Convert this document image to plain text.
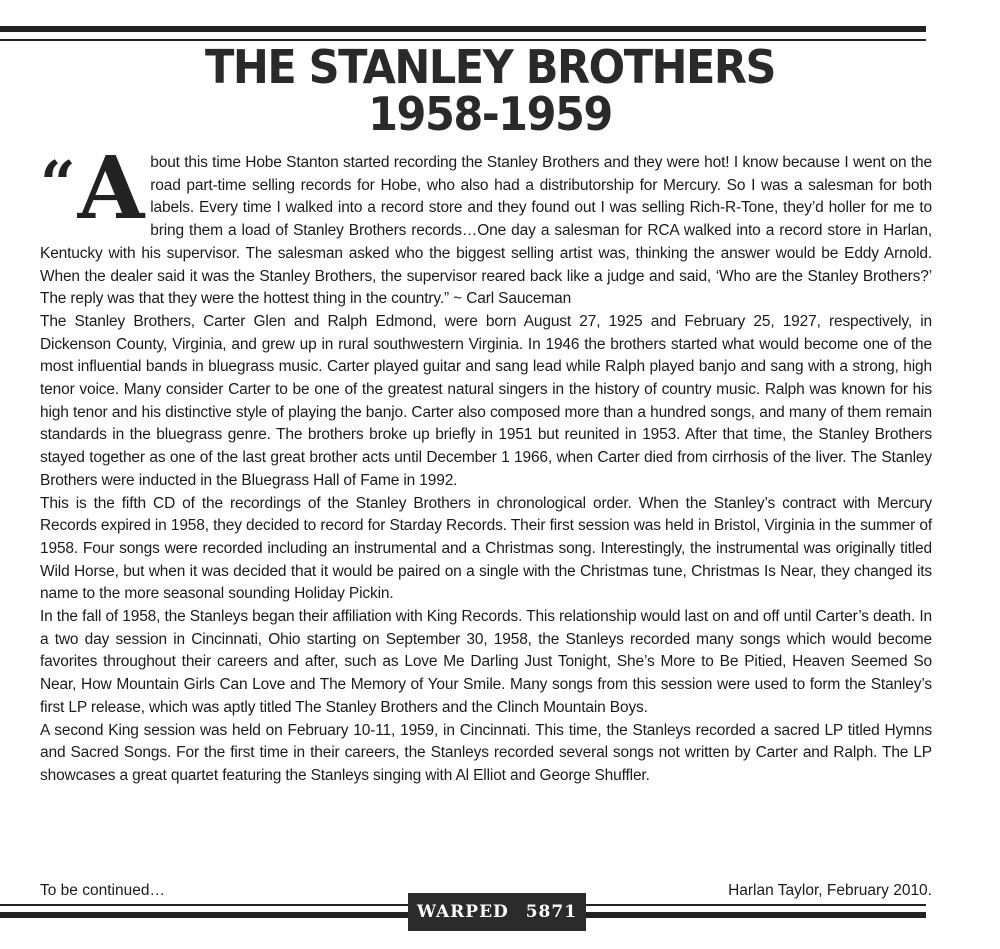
THE STANLEY BROTHERS
1958-1959

“ A bout this time Hobe Stanton started recording the Stanley Brothers and they were hot! I know because I went on the road part-time selling records for Hobe, who also had a distributorship for Mercury. So I was a salesman for both labels. Every time I walked into a record store and they found out I was selling Rich-R-Tone, they’d holler for me to bring them a load of Stanley Brothers records…One day a salesman for RCA walked into a record store in Harlan, Kentucky with his supervisor. The salesman asked who the biggest selling artist was, thinking the answer would be Eddy Arnold. When the dealer said it was the Stanley Brothers, the supervisor reared back like a judge and said, ‘Who are the Stanley Brothers?’ The reply was that they were the hottest thing in the country.” ~ Carl Sauceman

The Stanley Brothers, Carter Glen and Ralph Edmond, were born August 27, 1925 and February 25, 1927, respectively, in Dickenson County, Virginia, and grew up in rural southwestern Virginia. In 1946 the brothers started what would become one of the most influential bands in bluegrass music. Carter played guitar and sang lead while Ralph played banjo and sang with a strong, high tenor voice. Many consider Carter to be one of the greatest natural singers in the history of country music. Ralph was known for his high tenor and his distinctive style of playing the banjo. Carter also composed more than a hundred songs, and many of them remain standards in the bluegrass genre. The brothers broke up briefly in 1951 but reunited in 1953. After that time, the Stanley Brothers stayed together as one of the last great brother acts until December 1 1966, when Carter died from cirrhosis of the liver. The Stanley Brothers were inducted in the Bluegrass Hall of Fame in 1992.

This is the fifth CD of the recordings of the Stanley Brothers in chronological order. When the Stanley’s contract with Mercury Records expired in 1958, they decided to record for Starday Records. Their first session was held in Bristol, Virginia in the summer of 1958. Four songs were recorded including an instrumental and a Christmas song. Interestingly, the instrumental was originally titled Wild Horse, but when it was decided that it would be paired on a single with the Christmas tune, Christmas Is Near, they changed its name to the more seasonal sounding Holiday Pickin.

In the fall of 1958, the Stanleys began their affiliation with King Records. This relationship would last on and off until Carter’s death. In a two day session in Cincinnati, Ohio starting on September 30, 1958, the Stanleys recorded many songs which would become favorites throughout their careers and after, such as Love Me Darling Just Tonight, She’s More to Be Pitied, Heaven Seemed So Near, How Mountain Girls Can Love and The Memory of Your Smile. Many songs from this session were used to form the Stanley’s first LP release, which was aptly titled The Stanley Brothers and the Clinch Mountain Boys.

A second King session was held on February 10-11, 1959, in Cincinnati. This time, the Stanleys recorded a sacred LP titled Hymns and Sacred Songs. For the first time in their careers, the Stanleys recorded several songs not written by Carter and Ralph. The LP showcases a great quartet featuring the Stanleys singing with Al Elliot and George Shuffler.

To be continued…	Harlan Taylor, February 2010.
WARPED 5871
